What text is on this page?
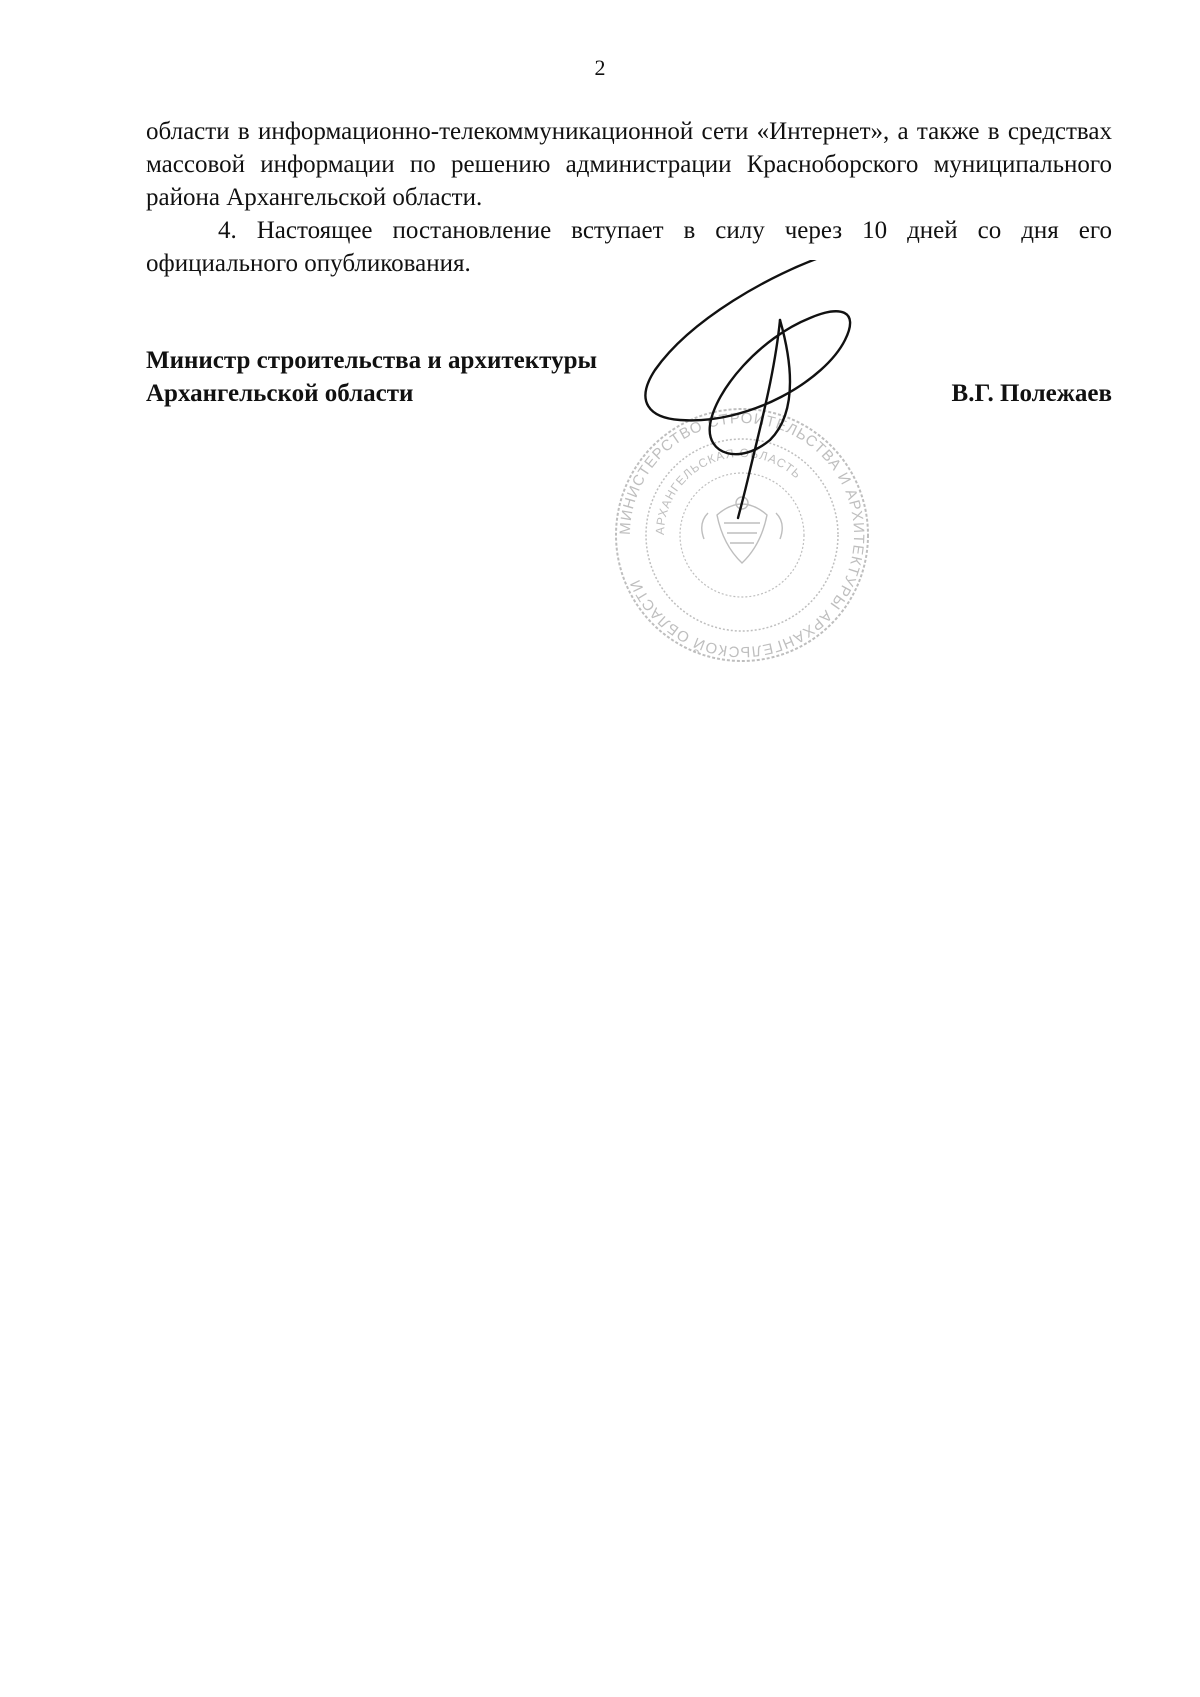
2

области в информационно-телекоммуникационной сети «Интернет», а также в средствах массовой информации по решению администрации Красноборского муниципального района Архангельской области.

4. Настоящее постановление вступает в силу через 10 дней со дня его официального опубликования.

Министр строительства и архитектуры
Архангельской области	В.Г. Полежаев
МИНИСТЕРСТВО СТРОИТЕЛЬСТВА И АРХИТЕКТУРЫ АРХАНГЕЛЬСКОЙ ОБЛАСТИ
АРХАНГЕЛЬСКАЯ ОБЛАСТЬ
